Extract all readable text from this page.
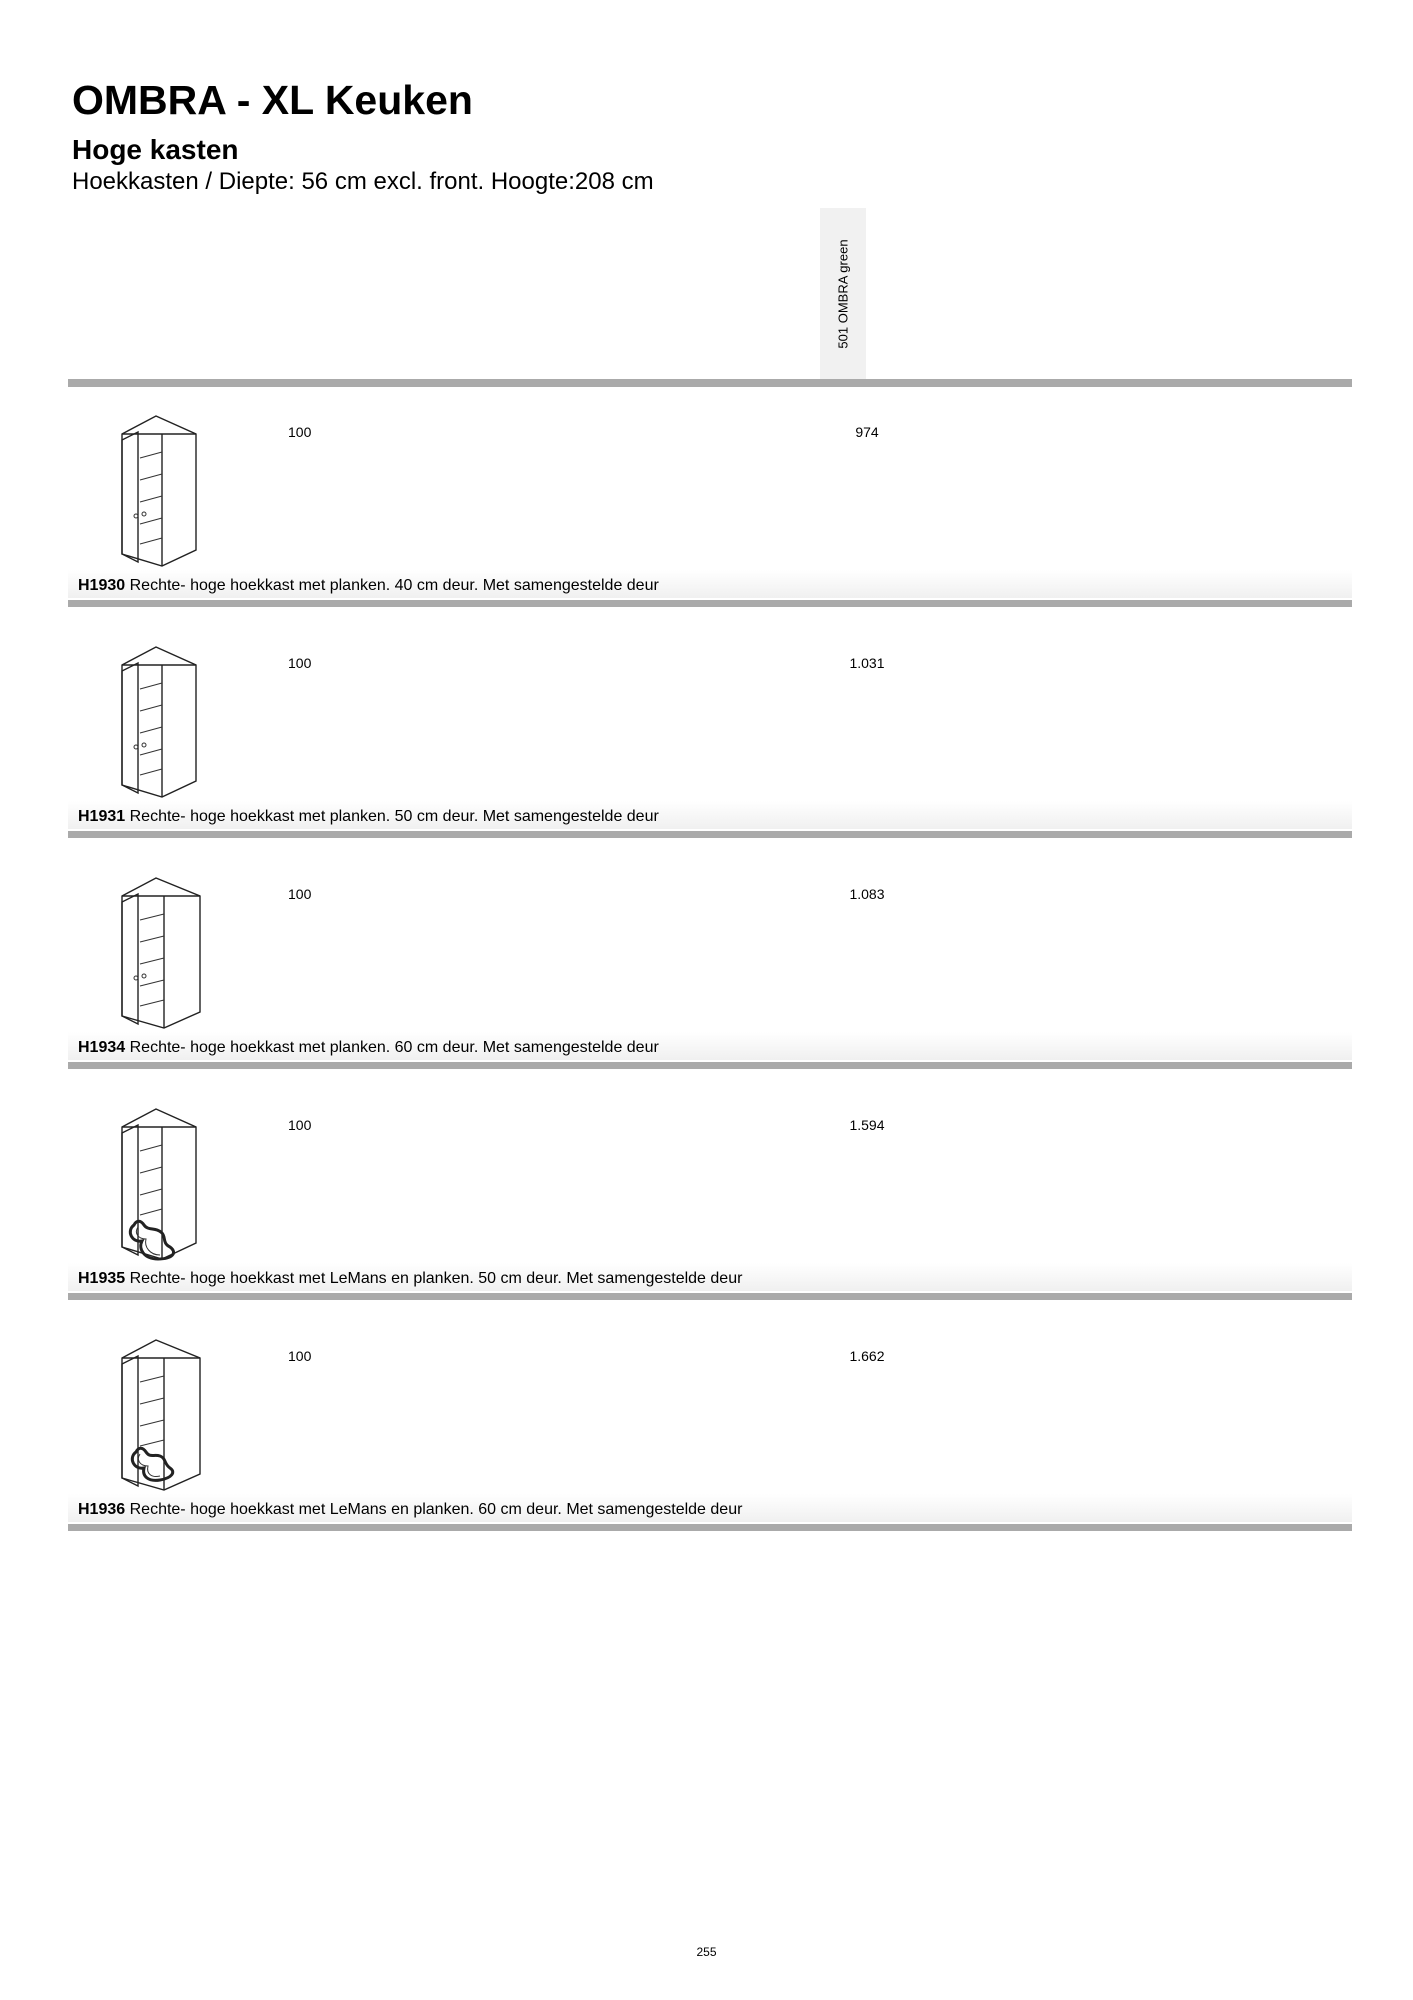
OMBRA - XL Keuken
Hoge kasten
Hoekkasten / Diepte: 56 cm excl. front. Hoogte:208 cm
501 OMBRA green
100	974
H1930 Rechte- hoge hoekkast met planken. 40 cm deur. Met samengestelde deur
100	1.031
H1931 Rechte- hoge hoekkast met planken. 50 cm deur. Met samengestelde deur
100	1.083
H1934 Rechte- hoge hoekkast met planken. 60 cm deur. Met samengestelde deur
100	1.594
H1935 Rechte- hoge hoekkast met LeMans en planken. 50 cm deur. Met samengestelde deur
100	1.662
H1936 Rechte- hoge hoekkast met LeMans en planken. 60 cm deur. Met samengestelde deur
255
